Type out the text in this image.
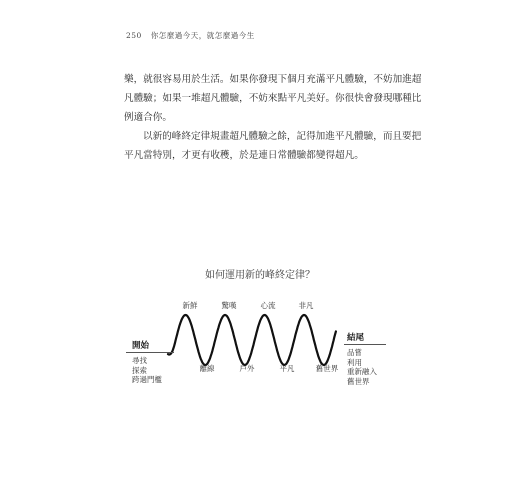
250 你怎麼過今天，就怎麼過今生

樂，就很容易用於生活。如果你發現下個月充滿平凡體驗，不妨加進超凡體驗；如果一堆超凡體驗，不妨來點平凡美好。你很快會發現哪種比例適合你。

以新的峰終定律規畫超凡體驗之餘，記得加進平凡體驗，而且要把平凡當特別，才更有收穫，於是連日常體驗都變得超凡。

如何運用新的峰終定律？
新鮮	驚嘆	心流	非凡
離線	戶外	平凡	舊世界
開始
尋找
探索
跨過門檻
結尾
品嘗
利用
重新融入
舊世界
